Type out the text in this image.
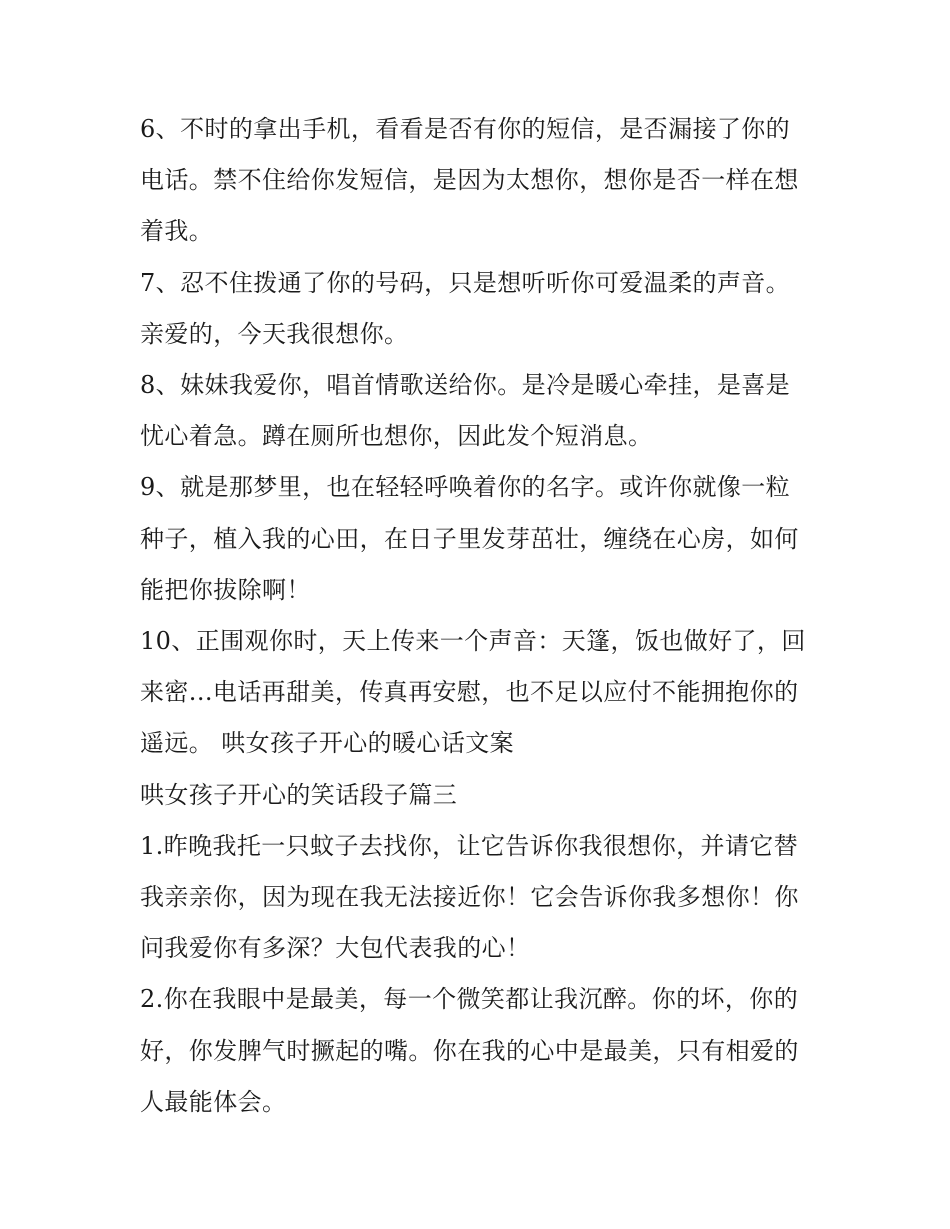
6、不时的拿出手机，看看是否有你的短信，是否漏接了你的
电话。禁不住给你发短信，是因为太想你，想你是否一样在想
着我。
7、忍不住拨通了你的号码，只是想听听你可爱温柔的声音。
亲爱的，今天我很想你。
8、妹妹我爱你，唱首情歌送给你。是冷是暖心牵挂，是喜是
忧心着急。蹲在厕所也想你，因此发个短消息。
9、就是那梦里，也在轻轻呼唤着你的名字。或许你就像一粒
种子，植入我的心田，在日子里发芽茁壮，缠绕在心房，如何
能把你拔除啊！
10、正围观你时，天上传来一个声音：天篷，饭也做好了，回
来密...电话再甜美，传真再安慰，也不足以应付不能拥抱你的
遥远。 哄女孩子开心的暖心话文案
哄女孩子开心的笑话段子篇三
1.昨晚我托一只蚊子去找你，让它告诉你我很想你，并请它替
我亲亲你，因为现在我无法接近你！它会告诉你我多想你！你
问我爱你有多深？大包代表我的心！
2.你在我眼中是最美，每一个微笑都让我沉醉。你的坏，你的
好，你发脾气时撅起的嘴。你在我的心中是最美，只有相爱的
人最能体会。
